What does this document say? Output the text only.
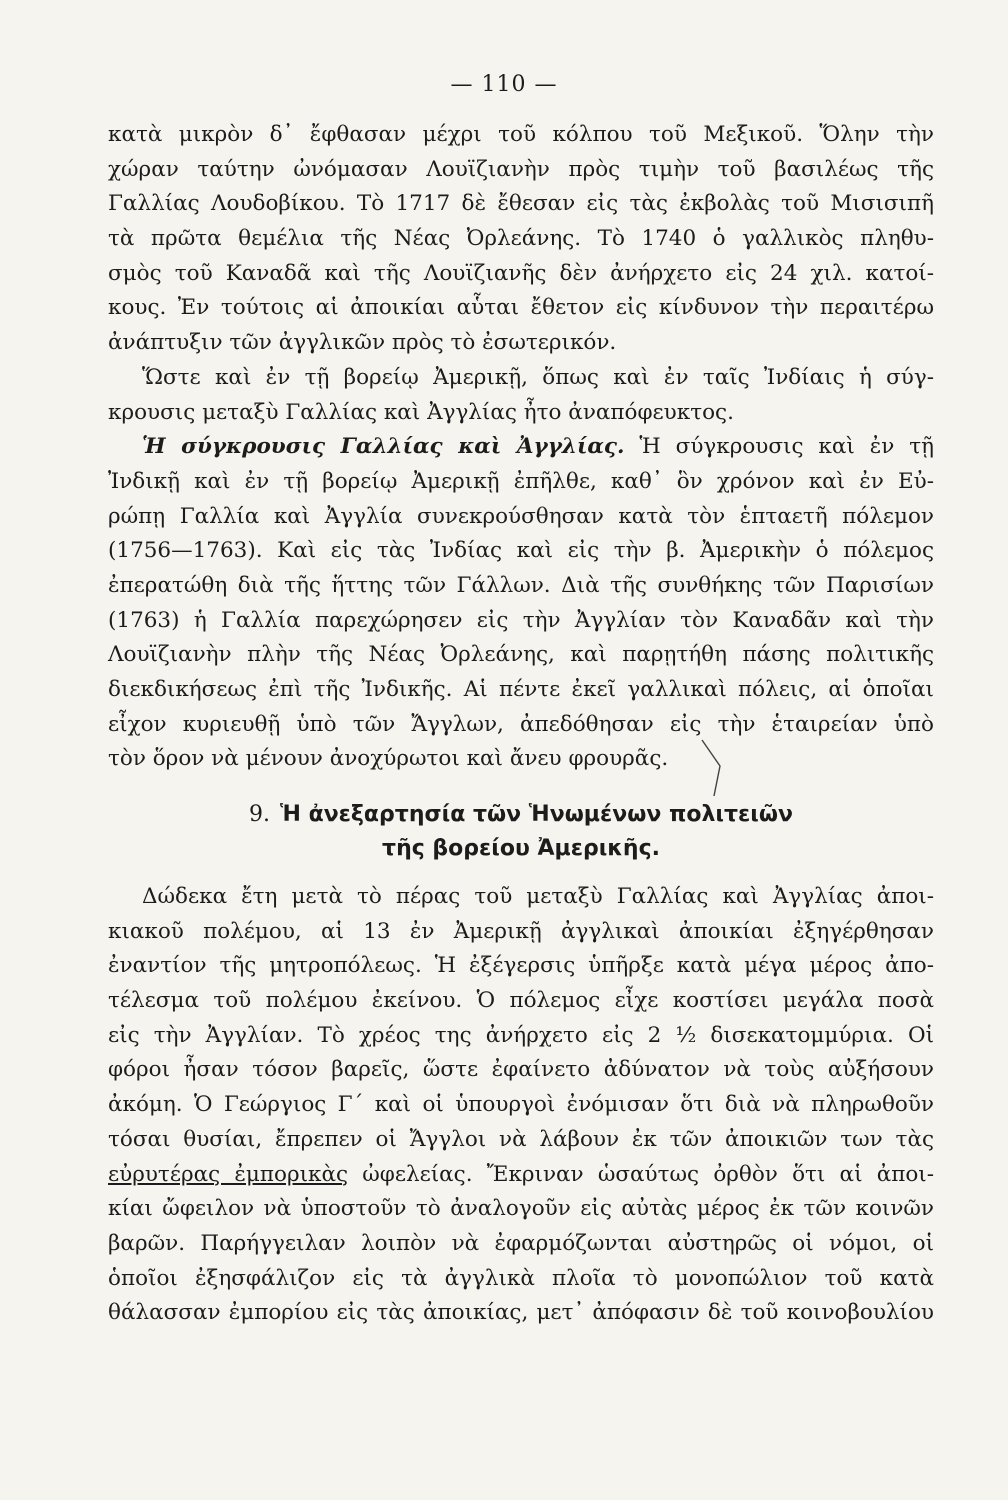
— 110 —
κατὰ μικρὸν δ᾽ ἔφθασαν μέχρι τοῦ κόλπου τοῦ Μεξικοῦ. Ὅλην τὴν
χώραν ταύτην ὠνόμασαν Λουϊζιανὴν πρὸς τιμὴν τοῦ βασιλέως τῆς
Γαλλίας Λουδοβίκου. Τὸ 1717 δὲ ἔθεσαν εἰς τὰς ἐκβολὰς τοῦ Μισισιπῆ
τὰ πρῶτα θεμέλια τῆς Νέας Ὀρλεάνης. Τὸ 1740 ὁ γαλλικὸς πληθυ-
σμὸς τοῦ Καναδᾶ καὶ τῆς Λουϊζιανῆς δὲν ἀνήρχετο εἰς 24 χιλ. κατοί-
κους. Ἐν τούτοις αἱ ἀποικίαι αὗται ἔθετον εἰς κίνδυνον τὴν περαιτέρω
ἀνάπτυξιν τῶν ἀγγλικῶν πρὸς τὸ ἐσωτερικόν.
Ὥστε καὶ ἐν τῇ βορείῳ Ἀμερικῇ, ὅπως καὶ ἐν ταῖς Ἰνδίαις ἡ σύγ-
κρουσις μεταξὺ Γαλλίας καὶ Ἀγγλίας ἦτο ἀναπόφευκτος.
Ἡ σύγκρουσις Γαλλίας καὶ Ἀγγλίας. Ἡ σύγκρουσις καὶ ἐν τῇ
Ἰνδικῇ καὶ ἐν τῇ βορείῳ Ἀμερικῇ ἐπῆλθε, καθ᾽ ὃν χρόνον καὶ ἐν Εὐ-
ρώπῃ Γαλλία καὶ Ἀγγλία συνεκρούσθησαν κατὰ τὸν ἑπταετῆ πόλεμον
(1756—1763). Καὶ εἰς τὰς Ἰνδίας καὶ εἰς τὴν β. Ἀμερικὴν ὁ πόλεμος
ἐπερατώθη διὰ τῆς ἥττης τῶν Γάλλων. Διὰ τῆς συνθήκης τῶν Παρισίων
(1763) ἡ Γαλλία παρεχώρησεν εἰς τὴν Ἀγγλίαν τὸν Καναδᾶν καὶ τὴν
Λουϊζιανὴν πλὴν τῆς Νέας Ὀρλεάνης, καὶ παρῃτήθη πάσης πολιτικῆς
διεκδικήσεως ἐπὶ τῆς Ἰνδικῆς. Αἱ πέντε ἐκεῖ γαλλικαὶ πόλεις, αἱ ὁποῖαι
εἶχον κυριευθῇ ὑπὸ τῶν Ἄγγλων, ἀπεδόθησαν εἰς τὴν ἑταιρείαν ὑπὸ
τὸν ὅρον νὰ μένουν ἀνοχύρωτοι καὶ ἄνευ φρουρᾶς.
9. Ἡ ἀνεξαρτησία τῶν Ἡνωμένων πολιτειῶν
τῆς βορείου Ἀμερικῆς.
Δώδεκα ἔτη μετὰ τὸ πέρας τοῦ μεταξὺ Γαλλίας καὶ Ἀγγλίας ἀποι-
κιακοῦ πολέμου, αἱ 13 ἐν Ἀμερικῇ ἀγγλικαὶ ἀποικίαι ἐξηγέρθησαν
ἐναντίον τῆς μητροπόλεως. Ἡ ἐξέγερσις ὑπῆρξε κατὰ μέγα μέρος ἀπο-
τέλεσμα τοῦ πολέμου ἐκείνου. Ὁ πόλεμος εἶχε κοστίσει μεγάλα ποσὰ
εἰς τὴν Ἀγγλίαν. Τὸ χρέος της ἀνήρχετο εἰς 2 ½ δισεκατομμύρια. Οἱ
φόροι ἦσαν τόσον βαρεῖς, ὥστε ἐφαίνετο ἀδύνατον νὰ τοὺς αὐξήσουν
ἀκόμη. Ὁ Γεώργιος Γ΄ καὶ οἱ ὑπουργοὶ ἐνόμισαν ὅτι διὰ νὰ πληρωθοῦν
τόσαι θυσίαι, ἔπρεπεν οἱ Ἄγγλοι νὰ λάβουν ἐκ τῶν ἀποικιῶν των τὰς
εὐρυτέρας ἐμπορικὰς ὠφελείας. Ἔκριναν ὡσαύτως ὀρθὸν ὅτι αἱ ἀποι-
κίαι ὤφειλον νὰ ὑποστοῦν τὸ ἀναλογοῦν εἰς αὐτὰς μέρος ἐκ τῶν κοινῶν
βαρῶν. Παρήγγειλαν λοιπὸν νὰ ἐφαρμόζωνται αὐστηρῶς οἱ νόμοι, οἱ
ὁποῖοι ἐξησφάλιζον εἰς τὰ ἀγγλικὰ πλοῖα τὸ μονοπώλιον τοῦ κατὰ
θάλασσαν ἐμπορίου εἰς τὰς ἀποικίας, μετ᾽ ἀπόφασιν δὲ τοῦ κοινοβουλίου
